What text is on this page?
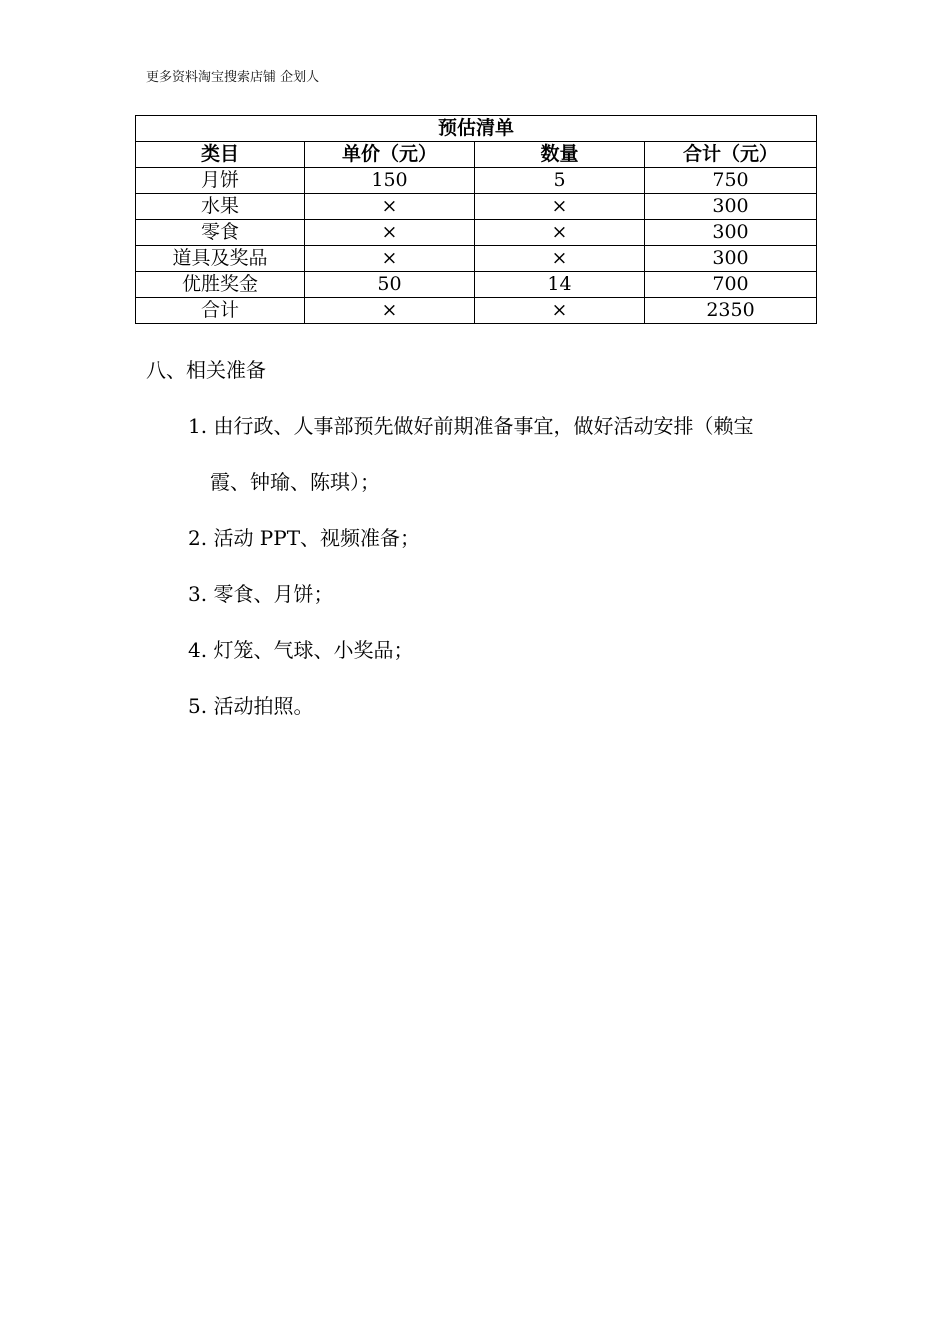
更多资料淘宝搜索店铺 企划人
预估清单			
类目	单价（元）	数量	合计（元）
月饼	150	5	750
水果	×	×	300
零食	×	×	300
道具及奖品	×	×	300
优胜奖金	50	14	700
合计	×	×	2350
八、相关准备
1. 由行政、人事部预先做好前期准备事宜，做好活动安排（赖宝
霞、钟瑜、陈琪）；
2. 活动 PPT、视频准备；
3. 零食、月饼；
4. 灯笼、气球、小奖品；
5. 活动拍照。
